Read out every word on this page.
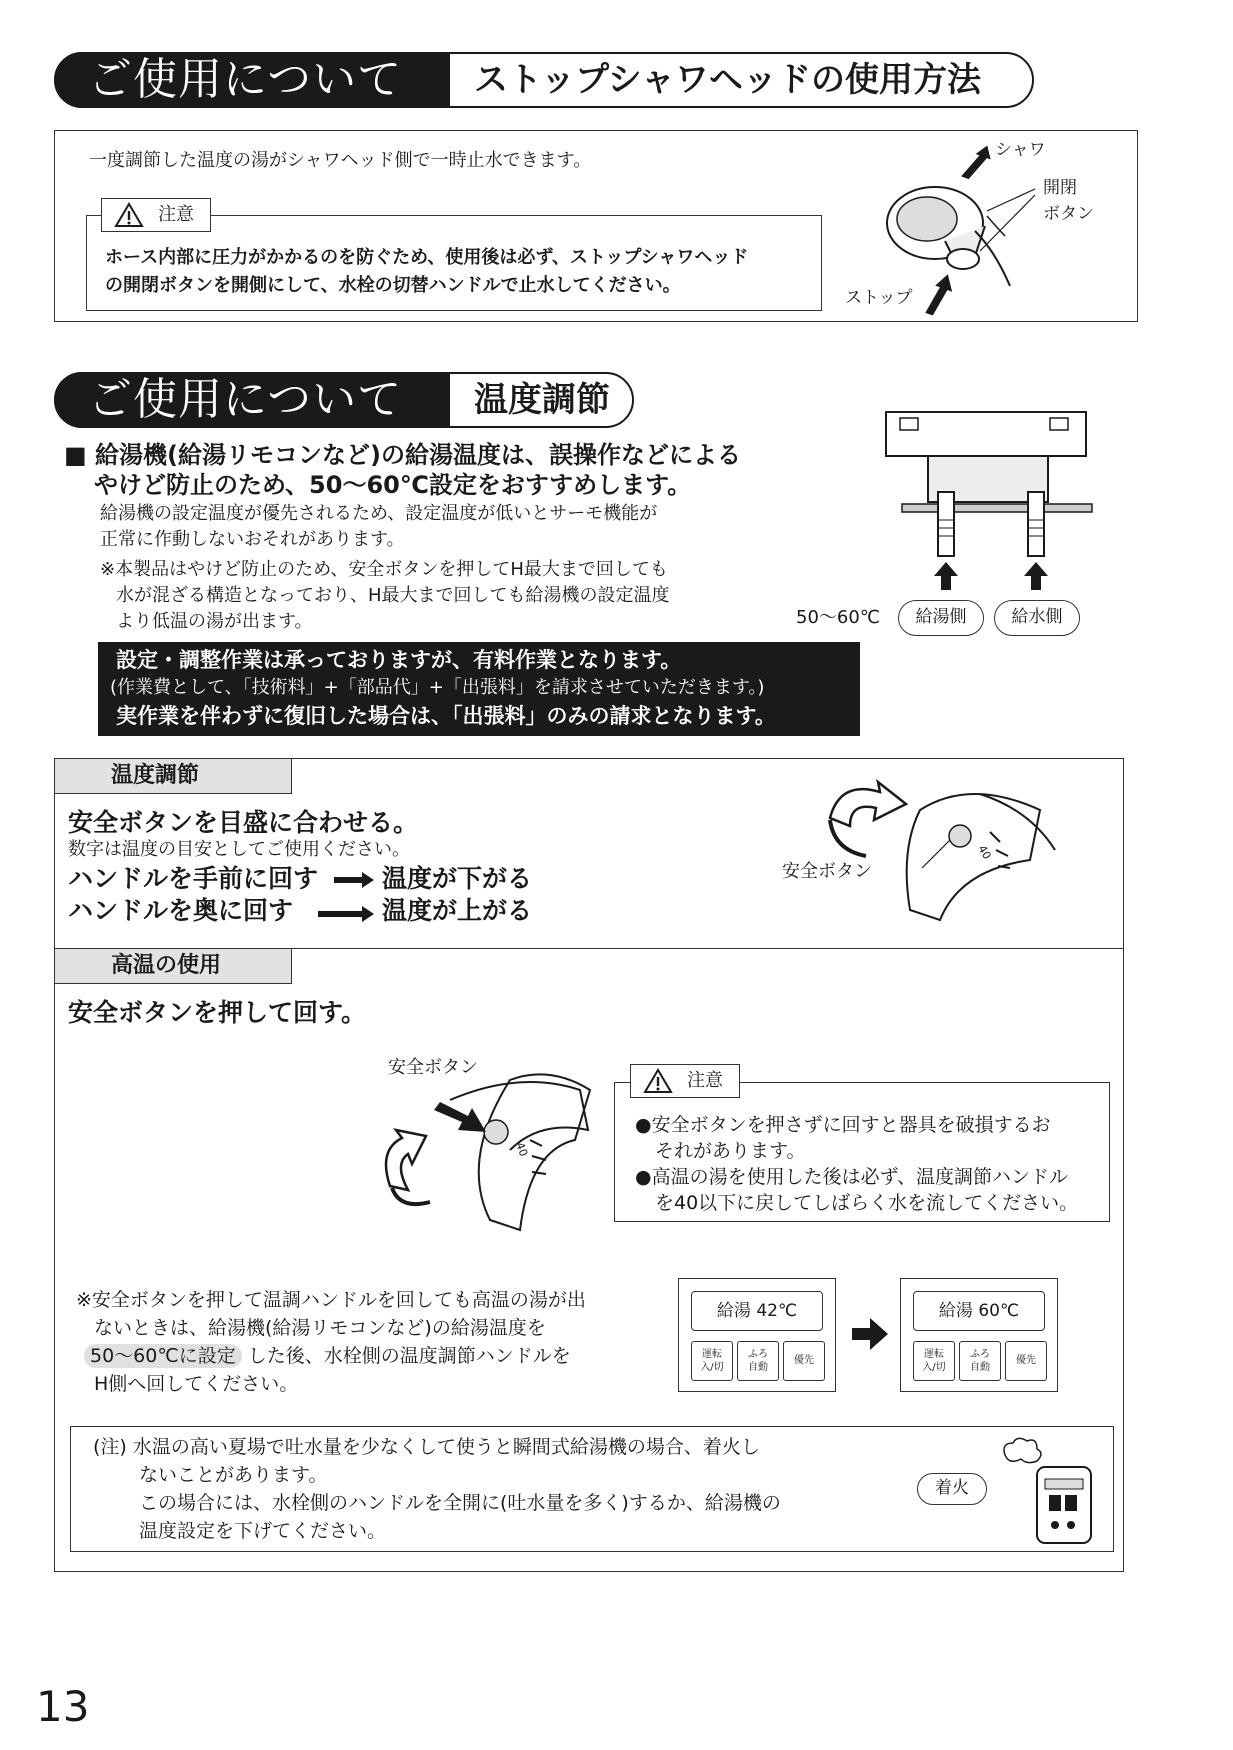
ご使用について	ストップシャワヘッドの使用方法
一度調節した温度の湯がシャワヘッド側で一時止水できます。
ホース内部に圧力がかかるのを防ぐため、使用後は必ず、ストップシャワヘッド
の開閉ボタンを開側にして、水栓の切替ハンドルで止水してください。
注意
シャワ
開閉
ボタン
ストップ
ご使用について	温度調節
■ 給湯機(給湯リモコンなど)の給湯温度は、誤操作などによる
やけど防止のため、50～60℃設定をおすすめします。
給湯機の設定温度が優先されるため、設定温度が低いとサーモ機能が
正常に作動しないおそれがあります。
※本製品はやけど防止のため、安全ボタンを押してH最大まで回しても
水が混ざる構造となっており、H最大まで回しても給湯機の設定温度
より低温の湯が出ます。	50～60℃	給湯側	給水側
設定・調整作業は承っておりますが、有料作業となります。
(作業費として、「技術料」+「部品代」+「出張料」を請求させていただきます。)
実作業を伴わずに復旧した場合は、「出張料」のみの請求となります。
温度調節
安全ボタンを目盛に合わせる。
数字は温度の目安としてご使用ください。
ハンドルを手前に回す	温度が下がる
ハンドルを奥に回す	温度が上がる
40
安全ボタン
高温の使用
安全ボタンを押して回す。
安全ボタン
40
●安全ボタンを押さずに回すと器具を破損するお
それがあります。
●高温の湯を使用した後は必ず、温度調節ハンドル
を40以下に戻してしばらく水を流してください。
注意
※安全ボタンを押して温調ハンドルを回しても高温の湯が出
ないときは、給湯機(給湯リモコンなど)の給湯温度を
50～60℃に設定 した後、水栓側の温度調節ハンドルを
H側へ回してください。
給湯 42℃
運転
入/切
ふろ
自動
優先
給湯 60℃
運転
入/切
ふろ
自動
優先
(注) 水温の高い夏場で吐水量を少なくして使うと瞬間式給湯機の場合、着火し
ないことがあります。
この場合には、水栓側のハンドルを全開に(吐水量を多く)するか、給湯機の
温度設定を下げてください。
着火
13
